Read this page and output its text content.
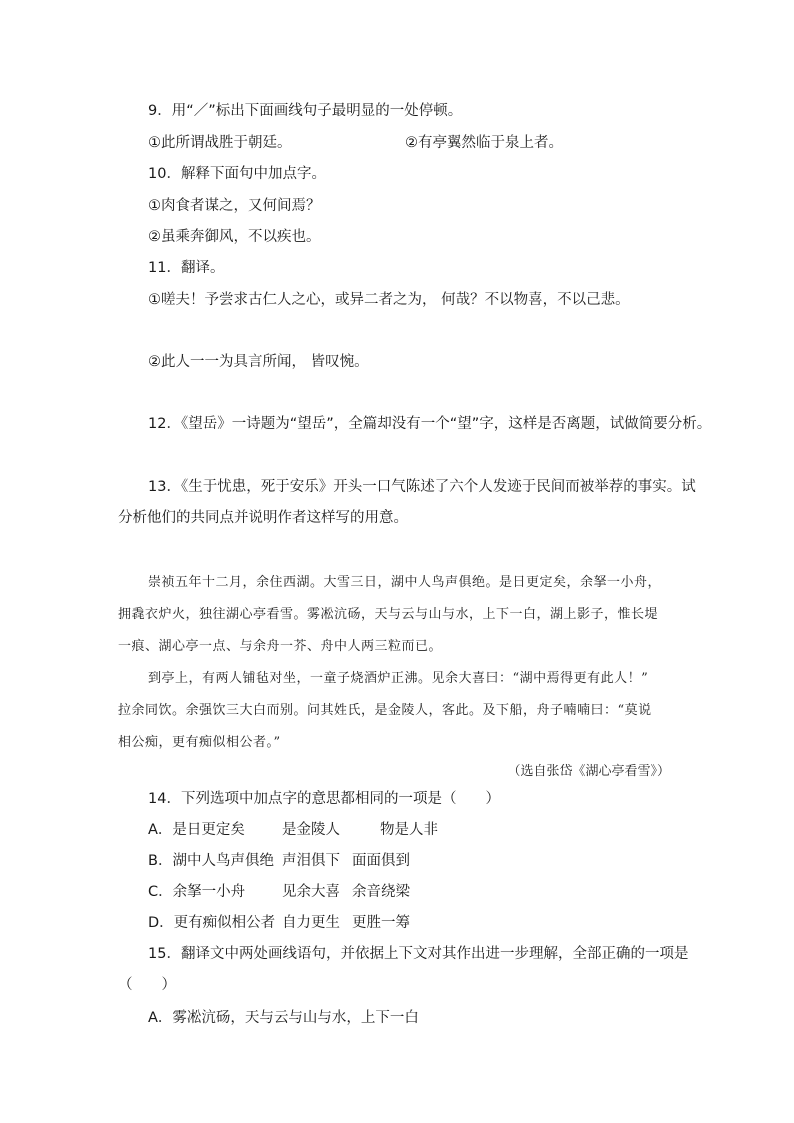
9．用“／”标出下面画线句子最明显的一处停顿。
①此所谓战胜于朝廷。	②有亭翼然临于泉上者。
10．解释下面句中加点字。
①肉食者谋之，又何间焉？
②虽乘奔御风，不以疾也。
11．翻译。
①嗟夫！予尝求古仁人之心，或异二者之为， 何哉？不以物喜，不以己悲。
②此人一一为具言所闻， 皆叹惋。
12．《望岳》一诗题为“望岳”，全篇却没有一个“望”字，这样是否离题，试做简要分析。
13．《生于忧患，死于安乐》开头一口气陈述了六个人发迹于民间而被举荐的事实。试
分析他们的共同点并说明作者这样写的用意。

崇祯五年十二月，余住西湖。大雪三日，湖中人鸟声俱绝。是日更定矣，余拏一小舟，

拥毳衣炉火，独往湖心亭看雪。雾凇沆砀，天与云与山与水，上下一白，湖上影子，惟长堤

一痕、湖心亭一点、与余舟一芥、舟中人两三粒而已。

到亭上，有两人铺毡对坐，一童子烧酒炉正沸。见余大喜曰：“湖中焉得更有此人！”

拉余同饮。余强饮三大白而别。问其姓氏，是金陵人，客此。及下船，舟子喃喃曰：“莫说

相公痴，更有痴似相公者。”

（选自张岱《湖心亭看雪》）
14．下列选项中加点字的意思都相同的一项是（　　）
A．是日更定矣	是金陵人	物是人非
B．湖中人鸟声俱绝 声泪俱下 面面俱到
C．余拏一小舟	见余大喜 余音绕梁
D．更有痴似相公者 自力更生 更胜一筹
15．翻译文中两处画线语句，并依据上下文对其作出进一步理解，全部正确的一项是
（　　）
A．雾凇沆砀，天与云与山与水，上下一白
